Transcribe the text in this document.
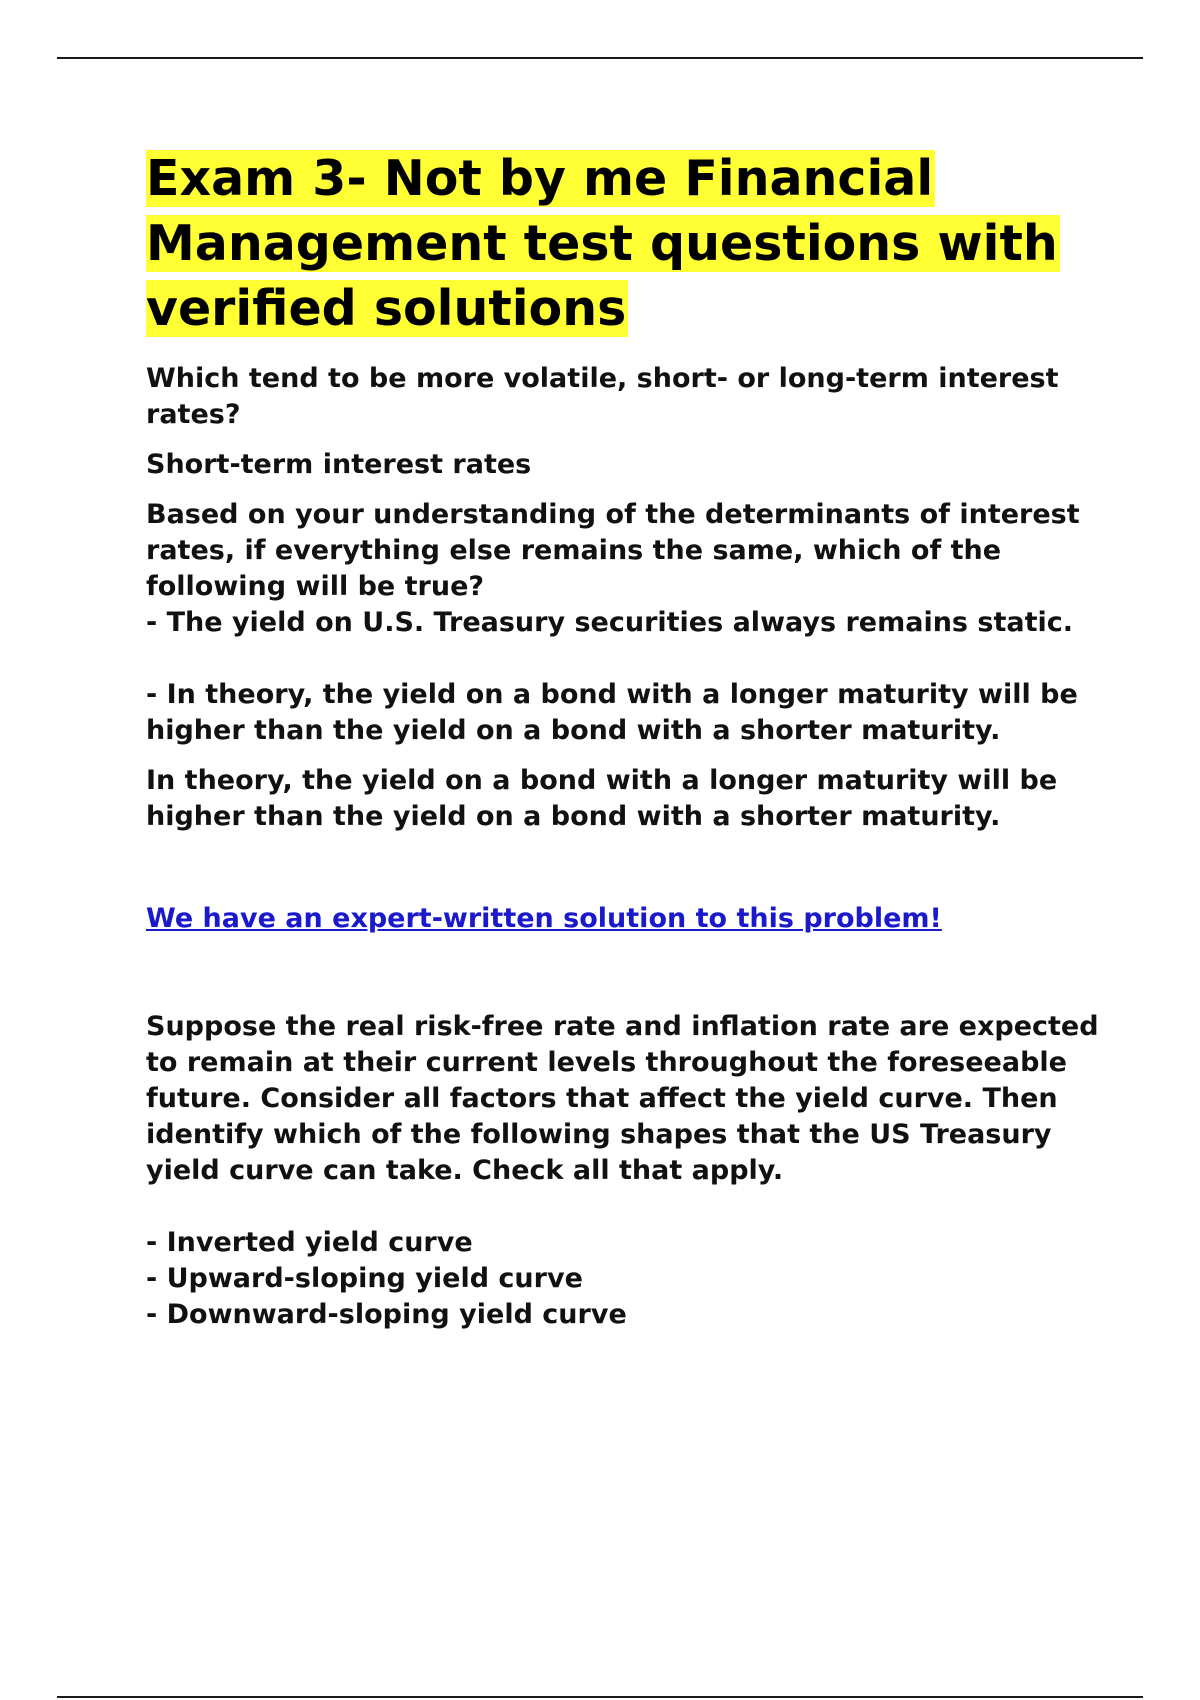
Exam 3- Not by me Financial Management test questions with verified solutions

Which tend to be more volatile, short- or long-term interest rates?

Short-term interest rates

Based on your understanding of the determinants of interest rates, if everything else remains the same, which of the following will be true?
- The yield on U.S. Treasury securities always remains static.

- In theory, the yield on a bond with a longer maturity will be higher than the yield on a bond with a shorter maturity.

In theory, the yield on a bond with a longer maturity will be higher than the yield on a bond with a shorter maturity.

We have an expert-written solution to this problem!

Suppose the real risk-free rate and inflation rate are expected to remain at their current levels throughout the foreseeable future. Consider all factors that affect the yield curve. Then identify which of the following shapes that the US Treasury yield curve can take. Check all that apply.

- Inverted yield curve
- Upward-sloping yield curve
- Downward-sloping yield curve
